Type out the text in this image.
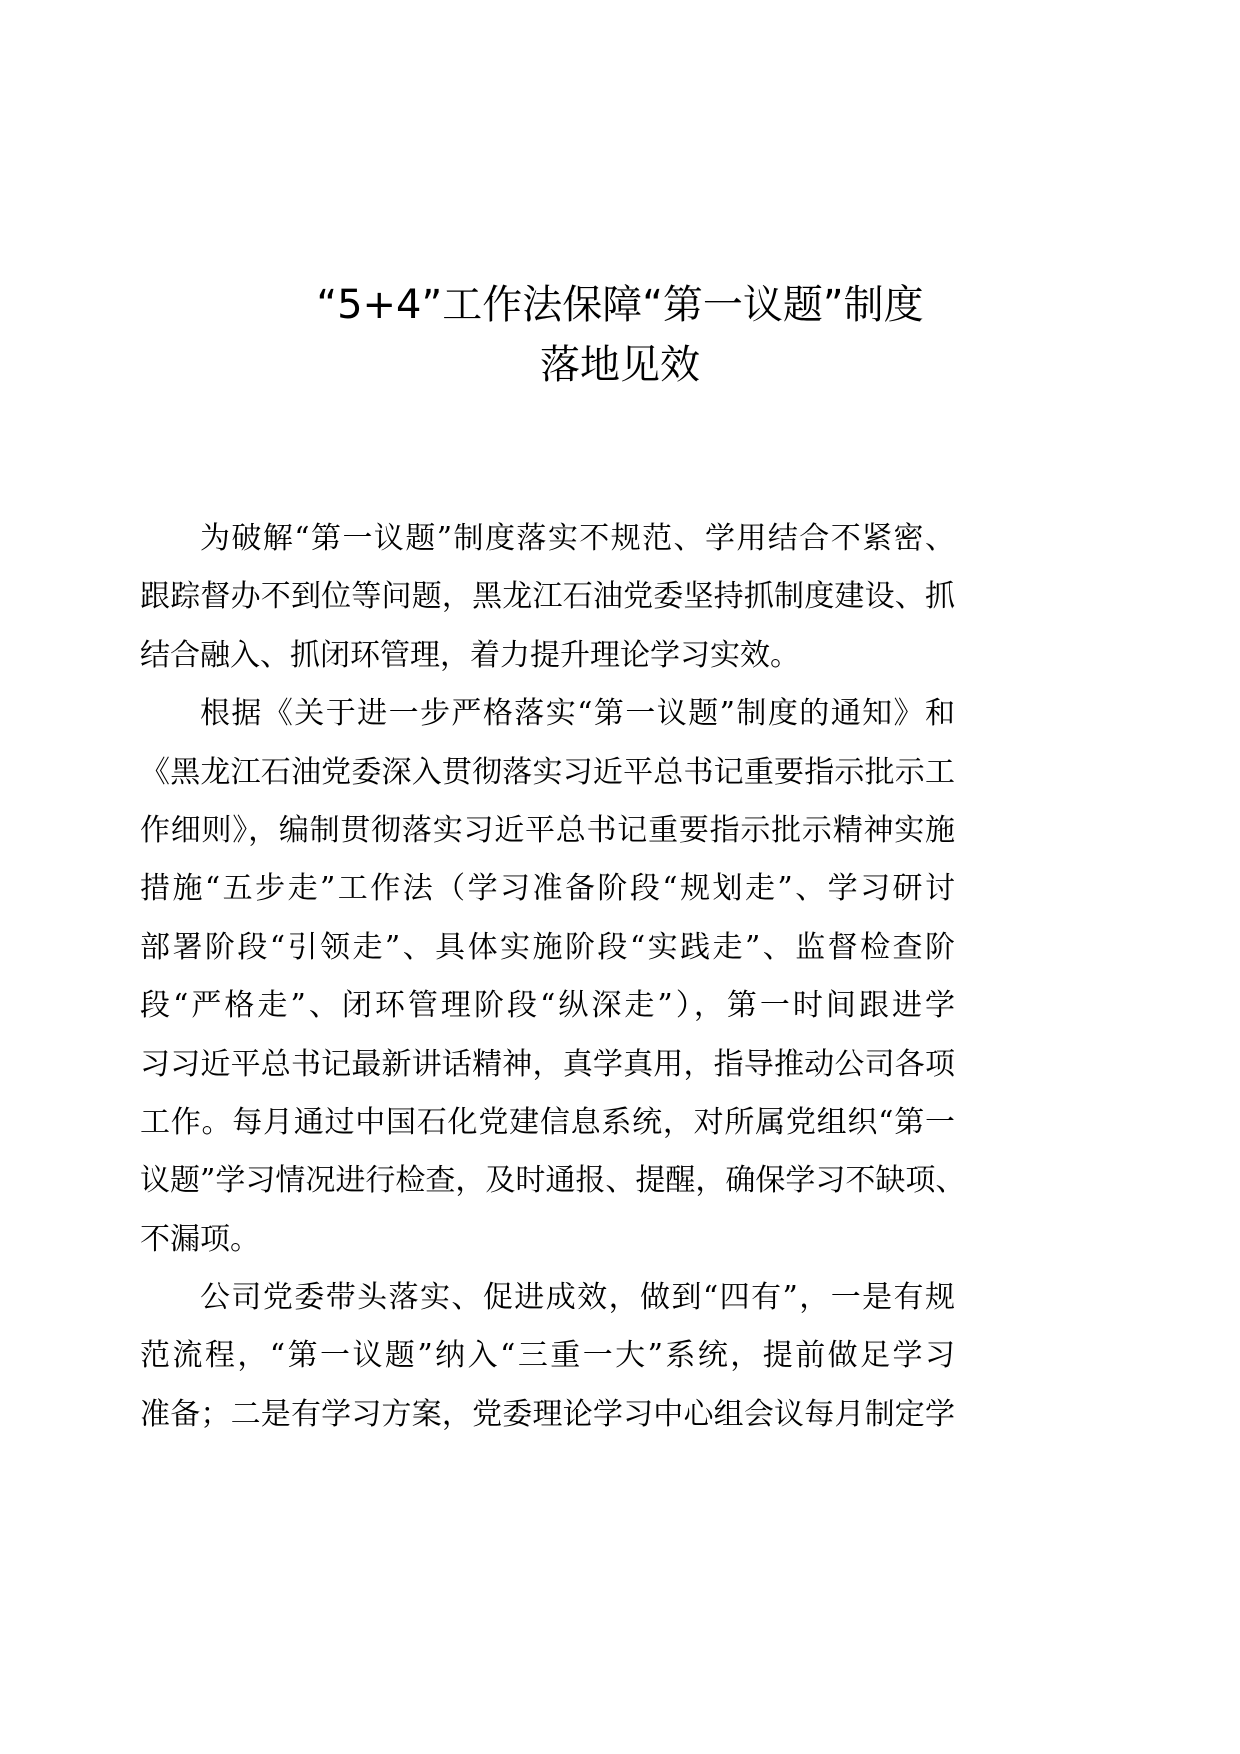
“5+4”工作法保障“第一议题”制度
落地见效
为破解“第一议题”制度落实不规范、学用结合不紧密、
跟踪督办不到位等问题，黑龙江石油党委坚持抓制度建设、抓
结合融入、抓闭环管理，着力提升理论学习实效。
根据《关于进一步严格落实“第一议题”制度的通知》和
《黑龙江石油党委深入贯彻落实习近平总书记重要指示批示工
作细则》，编制贯彻落实习近平总书记重要指示批示精神实施
措施“五步走”工作法（学习准备阶段“规划走”、学习研讨
部署阶段“引领走”、具体实施阶段“实践走”、监督检查阶
段“严格走”、闭环管理阶段“纵深走”），第一时间跟进学
习习近平总书记最新讲话精神，真学真用，指导推动公司各项
工作。每月通过中国石化党建信息系统，对所属党组织“第一
议题”学习情况进行检查，及时通报、提醒，确保学习不缺项、
不漏项。
公司党委带头落实、促进成效，做到“四有”，一是有规
范流程，“第一议题”纳入“三重一大”系统，提前做足学习
准备；二是有学习方案，党委理论学习中心组会议每月制定学
